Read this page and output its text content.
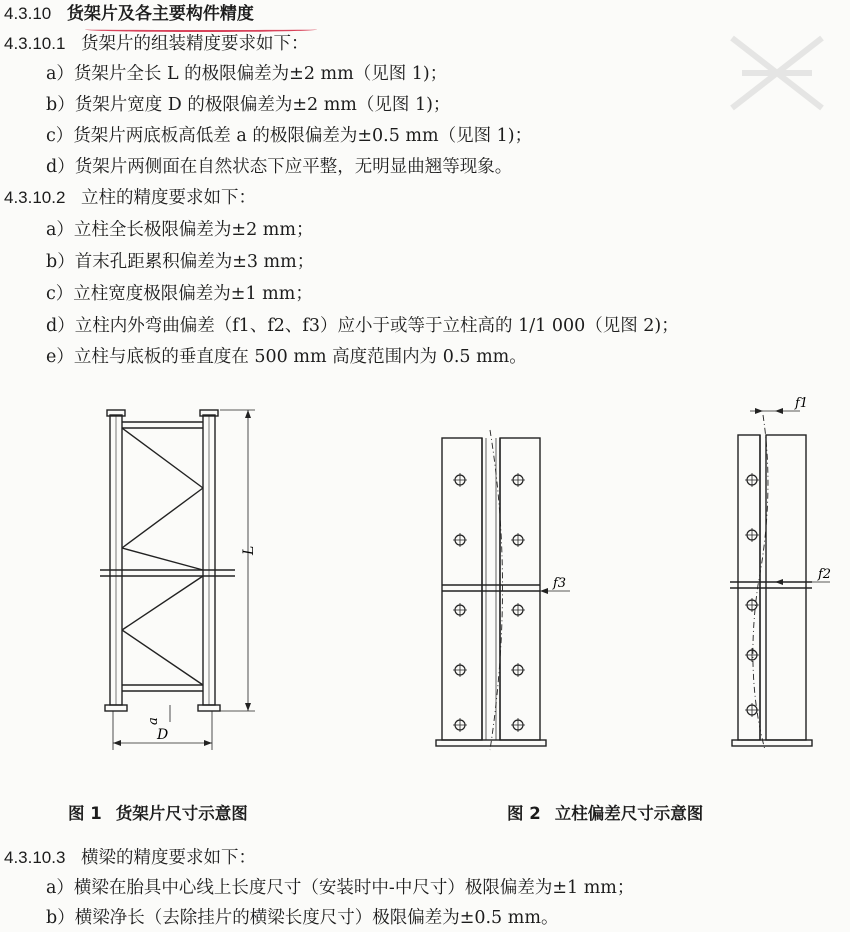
4.3.10 货架片及各主要构件精度
4.3.10.1 货架片的组装精度要求如下：
a）货架片全长 L 的极限偏差为±2 mm（见图 1)；
b）货架片宽度 D 的极限偏差为±2 mm（见图 1)；
c）货架片两底板高低差 a 的极限偏差为±0.5 mm（见图 1)；
d）货架片两侧面在自然状态下应平整，无明显曲翘等现象。
4.3.10.2 立柱的精度要求如下：
a）立柱全长极限偏差为±2 mm；
b）首末孔距累积偏差为±3 mm；
c）立柱宽度极限偏差为±1 mm；
d）立柱内外弯曲偏差（f1、f2、f3）应小于或等于立柱高的 1/1 000（见图 2)；
e）立柱与底板的垂直度在 500 mm 高度范围内为 0.5 mm。
L
a
D
f3
f1
f2
图 1 货架片尺寸示意图	图 2 立柱偏差尺寸示意图
4.3.10.3 横梁的精度要求如下：
a）横梁在胎具中心线上长度尺寸（安装时中-中尺寸）极限偏差为±1 mm；
b）横梁净长（去除挂片的横梁长度尺寸）极限偏差为±0.5 mm。
